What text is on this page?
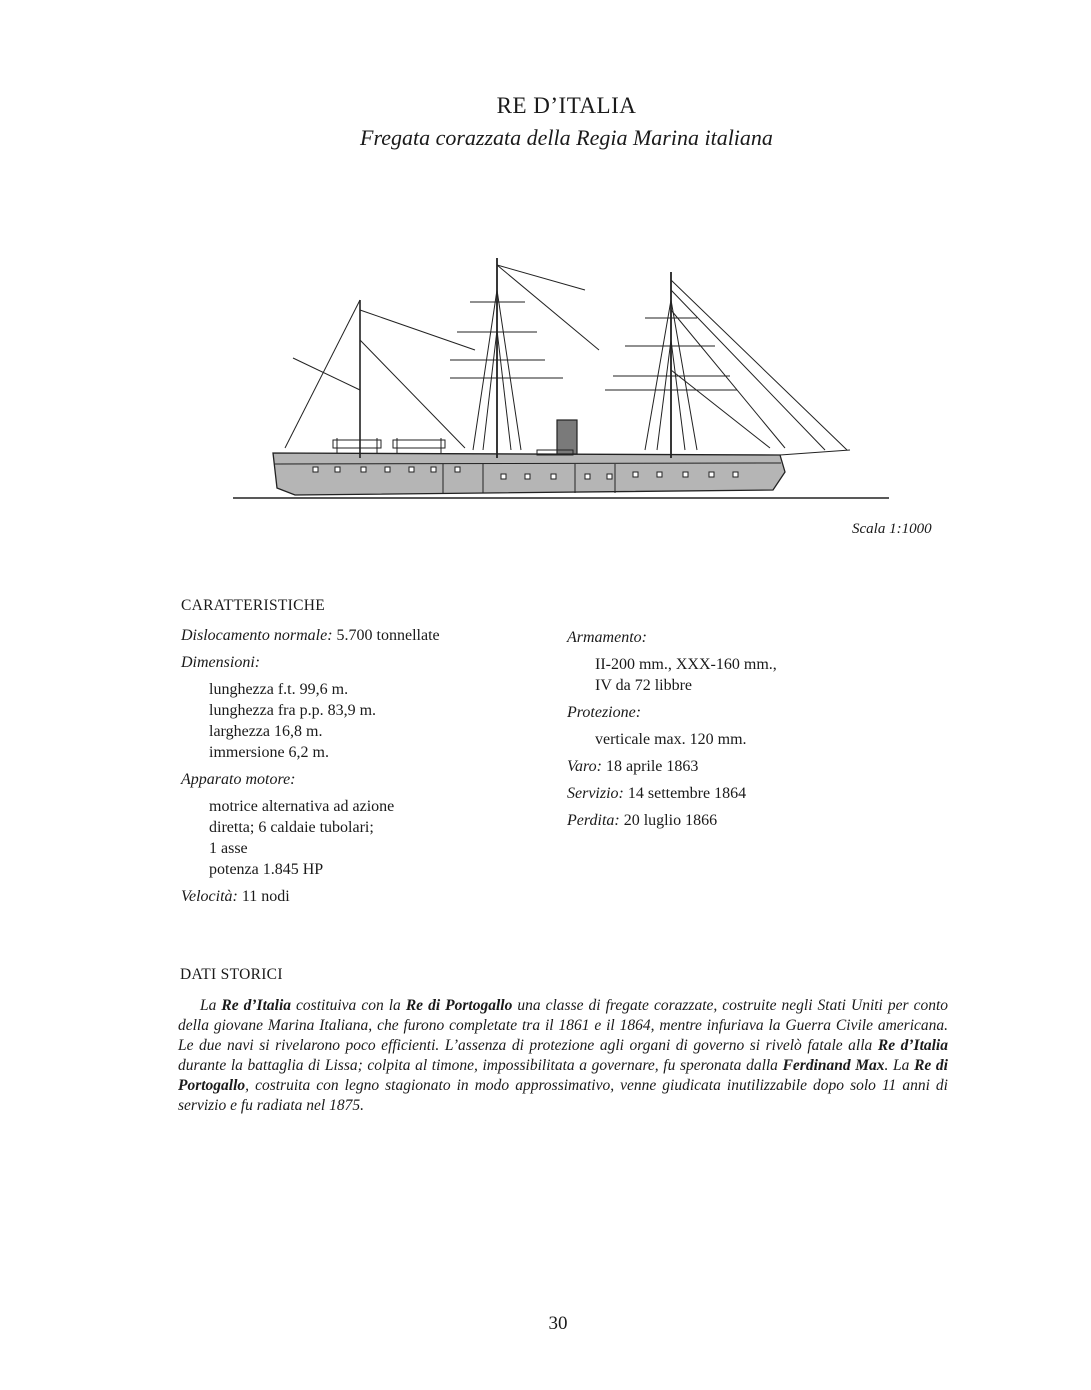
RE D’ITALIA
Fregata corazzata della Regia Marina italiana
Scala 1:1000
CARATTERISTICHE
Dislocamento normale: 5.700 tonnellate
Dimensioni:
lunghezza f.t. 99,6 m.
lunghezza fra p.p. 83,9 m.
larghezza 16,8 m.
immersione 6,2 m.
Apparato motore:
motrice alternativa ad azione
diretta; 6 caldaie tubolari;
1 asse
potenza 1.845 HP
Velocità: 11 nodi
Armamento:
II-200 mm., XXX-160 mm.,
IV da 72 libbre
Protezione:
verticale max. 120 mm.
Varo: 18 aprile 1863
Servizio: 14 settembre 1864
Perdita: 20 luglio 1866
DATI STORICI
La Re d’Italia costituiva con la Re di Portogallo una classe di fregate corazzate, costruite negli Stati Uniti per conto della giovane Marina Italiana, che furono completate tra il 1861 e il 1864, mentre infuriava la Guerra Civile americana. Le due navi si rivelarono poco efficienti. L’assenza di protezione agli organi di governo si rivelò fatale alla Re d’Italia durante la battaglia di Lissa; colpita al timone, impossibilitata a governare, fu speronata dalla Ferdinand Max. La Re di Portogallo, costruita con legno stagionato in modo approssimativo, venne giudicata inutilizzabile dopo solo 11 anni di servizio e fu radiata nel 1875.
30
